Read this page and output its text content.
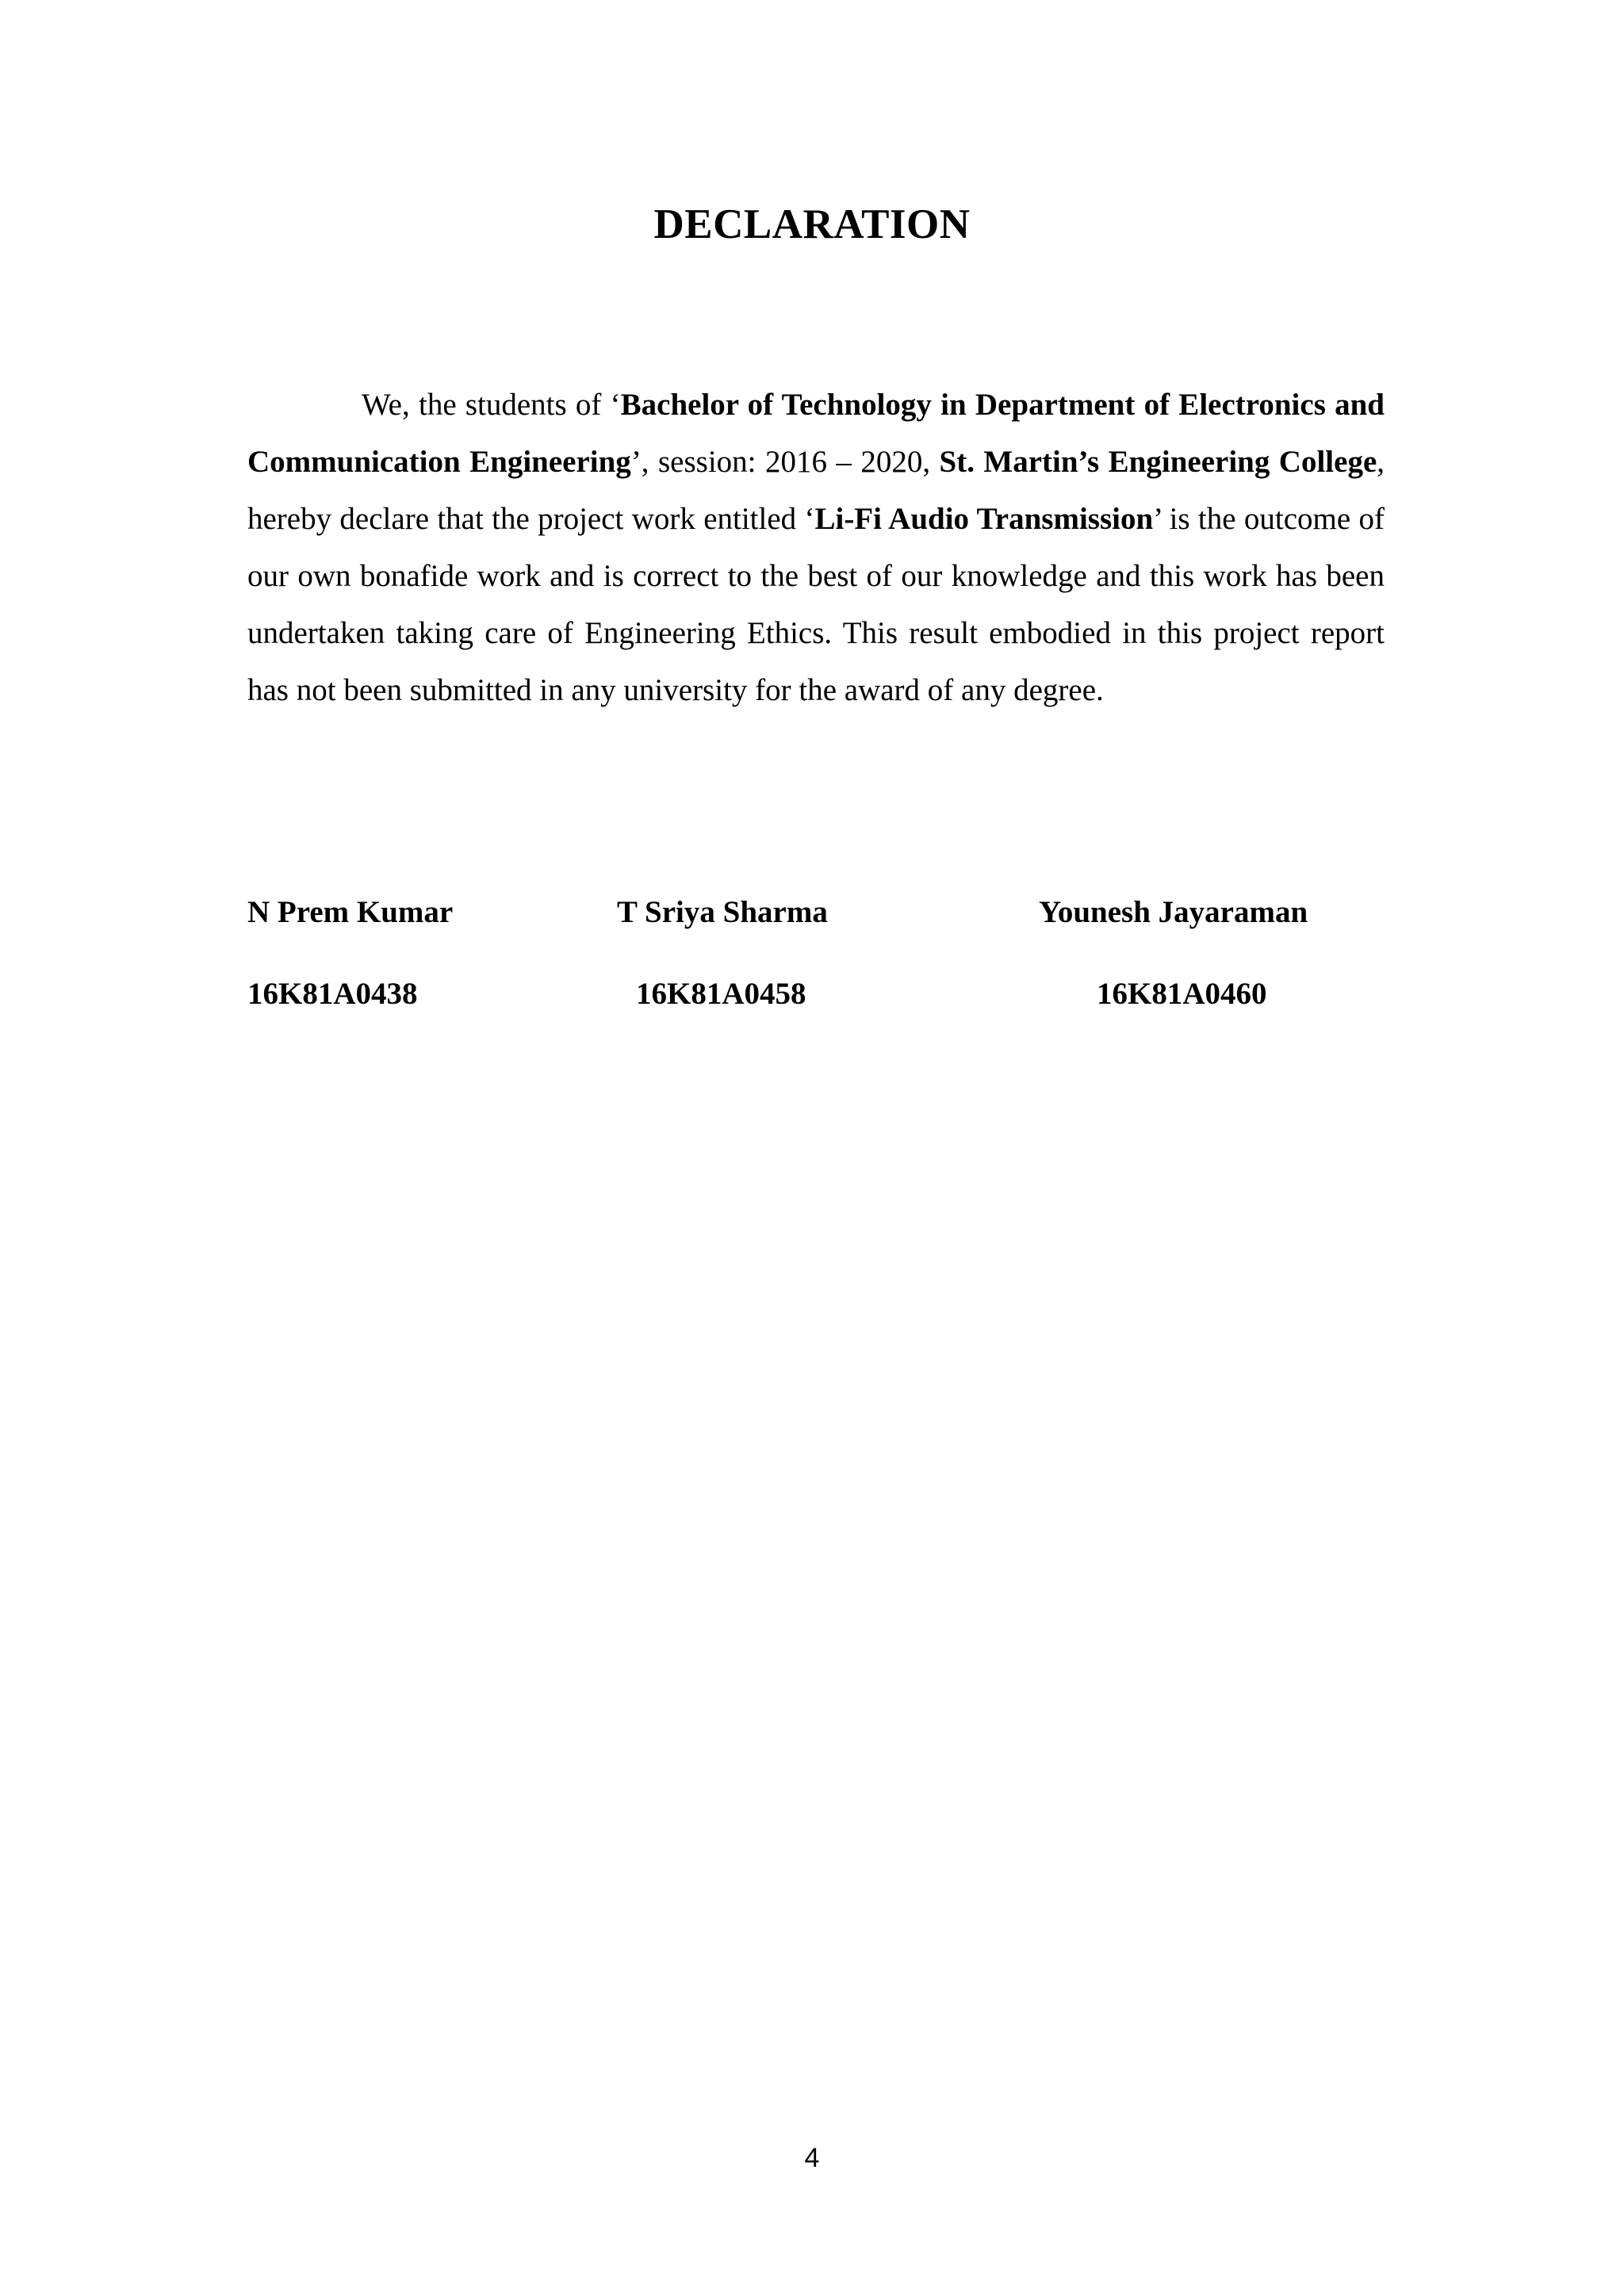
DECLARATION

We, the students of ‘Bachelor of Technology in Department of Electronics and Communication Engineering’, session: 2016 – 2020, St. Martin’s Engineering College, hereby declare that the project work entitled ‘Li-Fi Audio Transmission’ is the outcome of our own bonafide work and is correct to the best of our knowledge and this work has been undertaken taking care of Engineering Ethics. This result embodied in this project report has not been submitted in any university for the award of any degree.

N Prem Kumar	T Sriya Sharma	Younesh Jayaraman
16K81A0438	16K81A0458	16K81A0460
4
